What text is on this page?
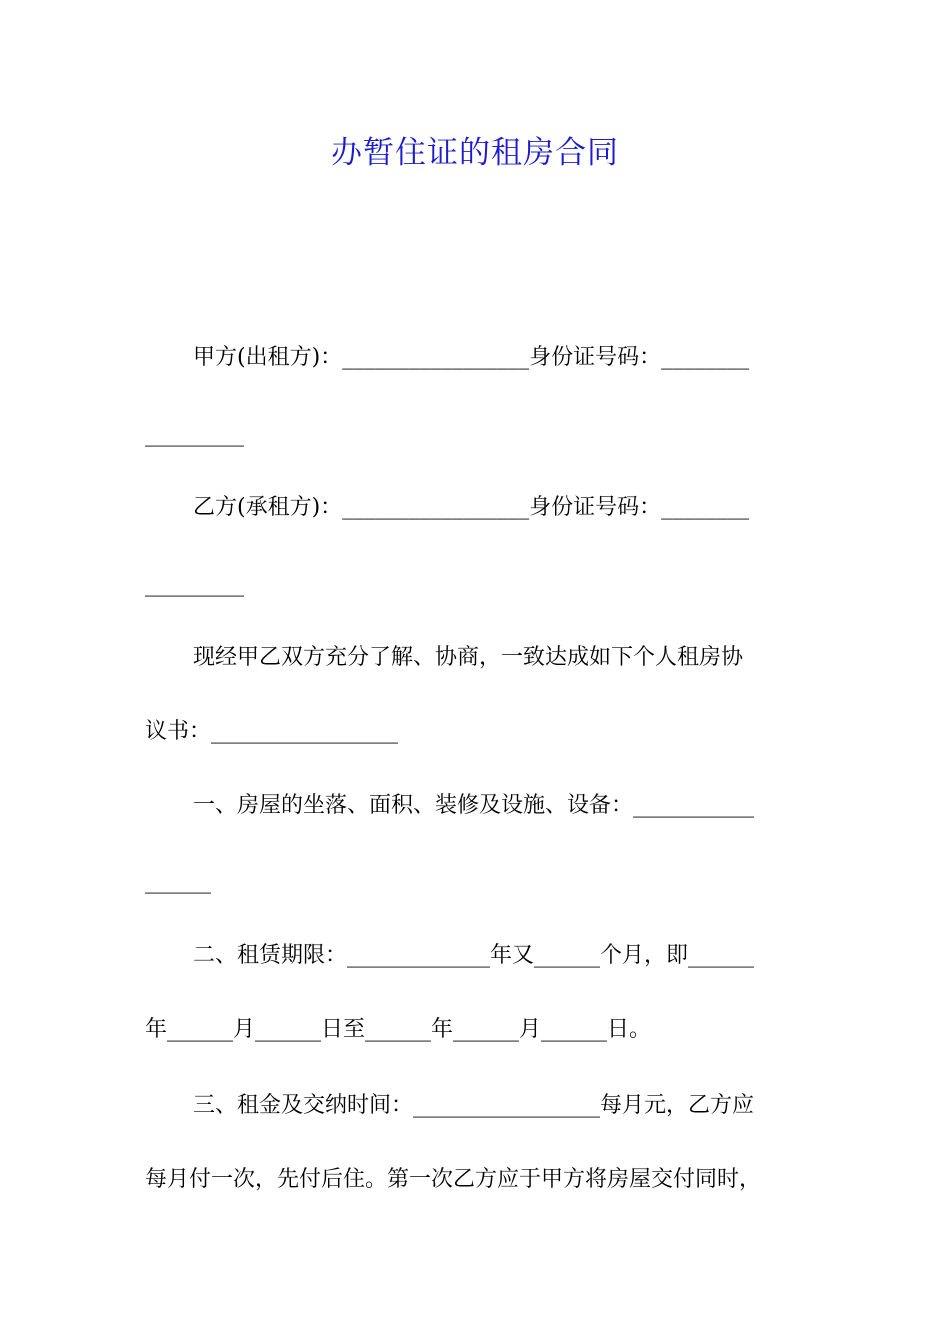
办暂住证的租房合同
甲方(出租方)：_________________身份证号码：________
_________
乙方(承租方)：_________________身份证号码：________
_________
现经甲乙双方充分了解、协商，一致达成如下个人租房协
议书：_________________
一、房屋的坐落、面积、装修及设施、设备：___________
______
二、租赁期限：_____________年又______个月，即______
年______月______日至______年______月______日。
三、租金及交纳时间：_________________每月元，乙方应
每月付一次，先付后住。第一次乙方应于甲方将房屋交付同时，
